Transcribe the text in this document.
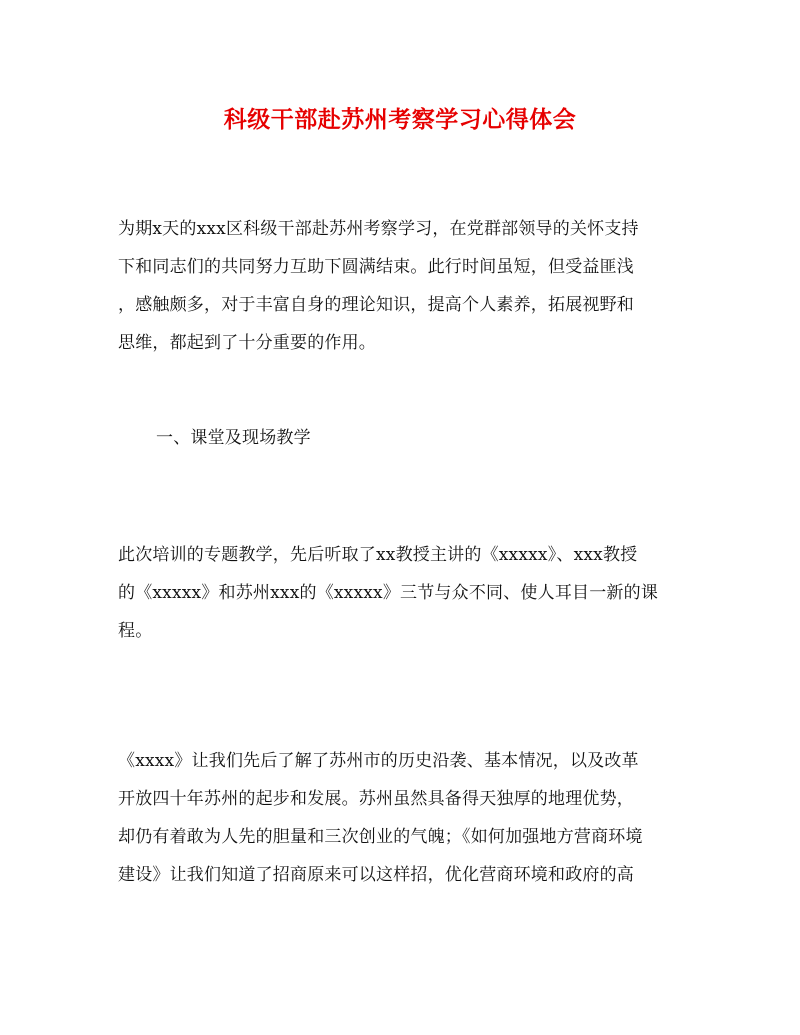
科级干部赴苏州考察学习心得体会
为期x天的xxx区科级干部赴苏州考察学习，在党群部领导的关怀支持
下和同志们的共同努力互助下圆满结束。此行时间虽短，但受益匪浅
，感触颇多，对于丰富自身的理论知识，提高个人素养，拓展视野和
思维，都起到了十分重要的作用。
一、课堂及现场教学
此次培训的专题教学，先后听取了xx教授主讲的《xxxxx》、xxx教授
的《xxxxx》和苏州xxx的《xxxxx》三节与众不同、使人耳目一新的课
程。
《xxxx》让我们先后了解了苏州市的历史沿袭、基本情况，以及改革
开放四十年苏州的起步和发展。苏州虽然具备得天独厚的地理优势，
却仍有着敢为人先的胆量和三次创业的气魄；《如何加强地方营商环境
建设》让我们知道了招商原来可以这样招，优化营商环境和政府的高
